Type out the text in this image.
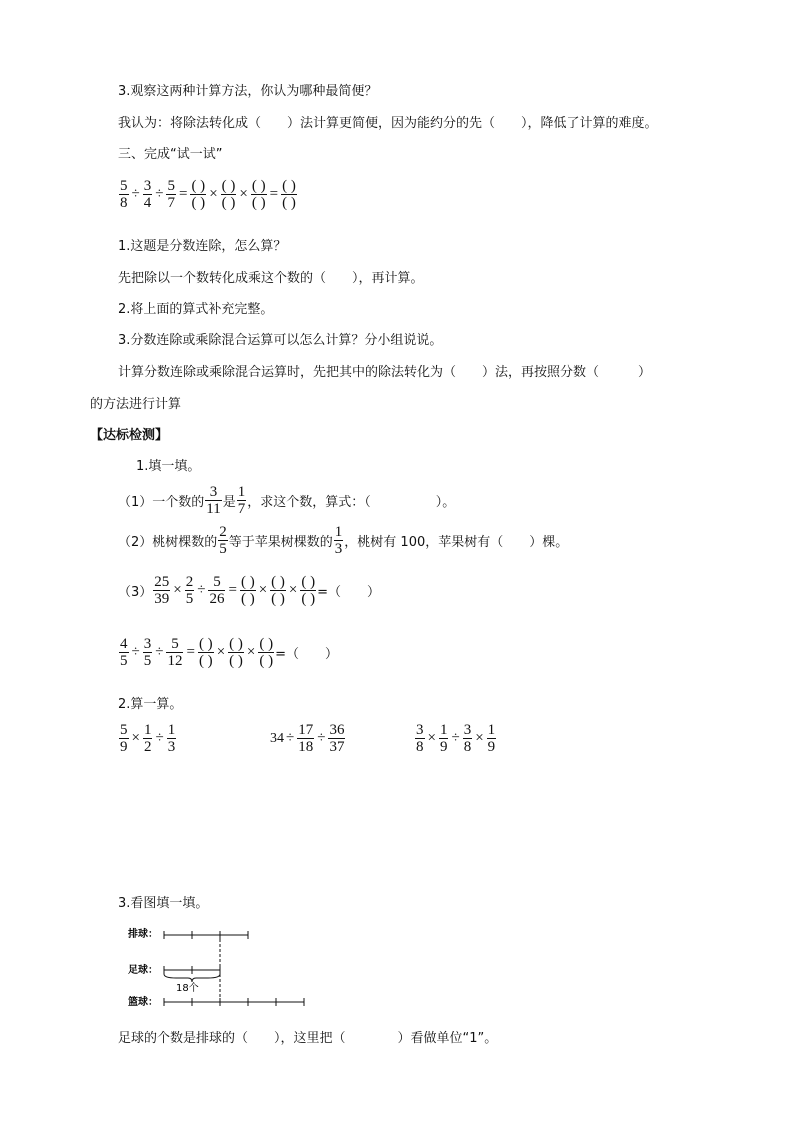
3.观察这两种计算方法，你认为哪种最简便？
我认为：将除法转化成（　　）法计算更简便，因为能约分的先（　　），降低了计算的难度。
三、完成“试一试”
$\frac{5}{8} \div \frac{3}{4} \div \frac{5}{7} = \frac{( )}{( )} \times \frac{( )}{( )} \times \frac{( )}{( )} = \frac{( )}{( )}$
1.这题是分数连除，怎么算？
先把除以一个数转化成乘这个数的（　　），再计算。
2.将上面的算式补充完整。
3.分数连除或乘除混合运算可以怎么计算？分小组说说。
计算分数连除或乘除混合运算时，先把其中的除法转化为（　　）法，再按照分数（　　　）
的方法进行计算
【达标检测】
1.填一填。
（1）一个数的 $\frac{3}{11}$ 是 $\frac{1}{7}$ ，求这个数，算式：（　　　　　）。
（2）桃树棵数的 $\frac{2}{5}$ 等于苹果树棵数的 $\frac{1}{3}$ ，桃树有 100，苹果树有（　　）棵。
$(3) \frac{25}{39} \times \frac{2}{5} \div \frac{5}{26} = \frac{( )}{( )} \times \frac{( )}{( )} \times \frac{( )}{( )}$ =（　　）
$\frac{4}{5} \div \frac{3}{5} \div \frac{5}{12} = \frac{( )}{( )} \times \frac{( )}{( )} \times \frac{( )}{( )}$ =（　　）
2.算一算。
$\frac{5}{9} \times \frac{1}{2} \div \frac{1}{3}$	$34 \div \frac{17}{18} \div \frac{36}{37}$	$\frac{3}{8} \times \frac{1}{9} \div \frac{3}{8} \times \frac{1}{9}$
3.看图填一填。
排球：
足球：
18个
篮球：
足球的个数是排球的（　　），这里把（　　　　）看做单位“1”。
